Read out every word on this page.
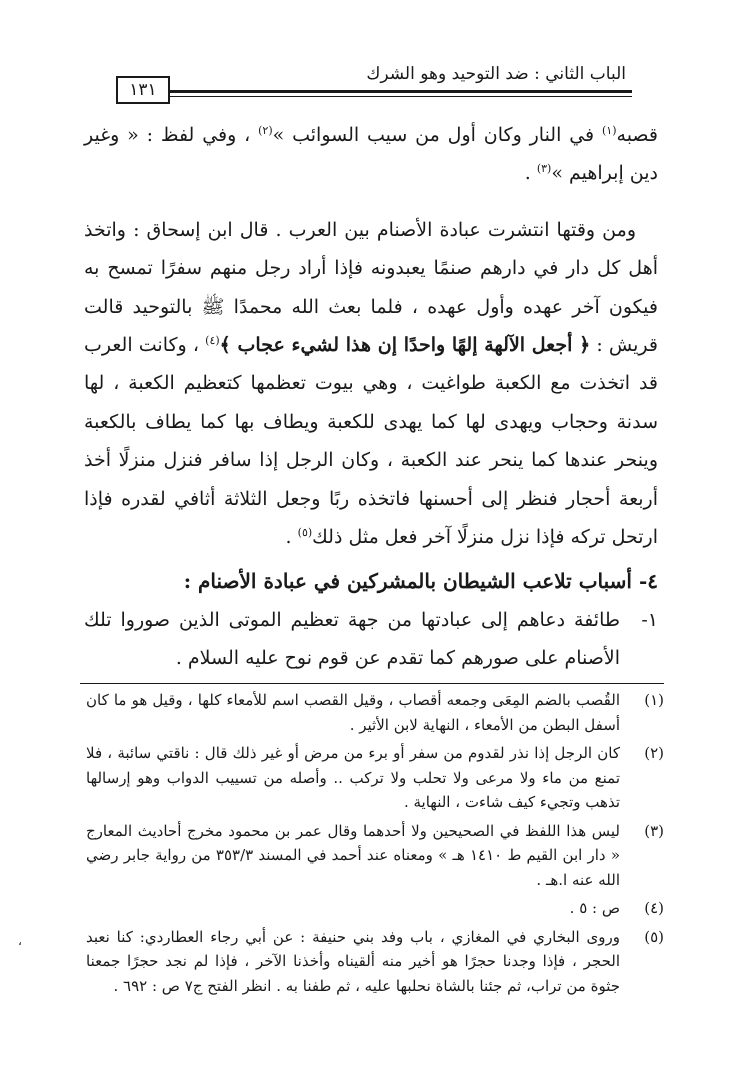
الباب الثاني : ضد التوحيد وهو الشرك
١٣١

قصبه$^{(١)}$ في النار وكان أول من سيب السوائب »$^{(٢)}$ ، وفي لفظ : « وغير دين إبراهيم »$^{(٣)}$ .

ومن وقتها انتشرت عبادة الأصنام بين العرب . قال ابن إسحاق : واتخذ أهل كل دار في دارهم صنمًا يعبدونه فإذا أراد رجل منهم سفرًا تمسح به فيكون آخر عهده وأول عهده ، فلما بعث الله محمدًا ﷺ بالتوحيد قالت قريش : ﴿ أجعل الآلهة إلهًا واحدًا إن هذا لشيء عجاب ﴾$^{(٤)}$ ، وكانت العرب قد اتخذت مع الكعبة طواغيت ، وهي بيوت تعظمها كتعظيم الكعبة ، لها سدنة وحجاب ويهدى لها كما يهدى للكعبة ويطاف بها كما يطاف بالكعبة وينحر عندها كما ينحر عند الكعبة ، وكان الرجل إذا سافر فنزل منزلًا أخذ أربعة أحجار فنظر إلى أحسنها فاتخذه ربًا وجعل الثلاثة أثافي لقدره فإذا ارتحل تركه فإذا نزل منزلًا آخر فعل مثل ذلك$^{(٥)}$ .

٤- أسباب تلاعب الشيطان بالمشركين في عبادة الأصنام :

١-
طائفة دعاهم إلى عبادتها من جهة تعظيم الموتى الذين صوروا تلك الأصنام على صورهم كما تقدم عن قوم نوح عليه السلام .

(١)
القُصب بالضم المِعَى وجمعه أقصاب ، وقيل القصب اسم للأمعاء كلها ، وقيل هو ما كان أسفل البطن من الأمعاء ، النهاية لابن الأثير .
(٢)
كان الرجل إذا نذر لقدوم من سفر أو برء من مرض أو غير ذلك قال : ناقتي سائبة ، فلا تمنع من ماء ولا مرعى ولا تحلب ولا تركب .. وأصله من تسييب الدواب وهو إرسالها تذهب وتجيء كيف شاءت ، النهاية .
(٣)
ليس هذا اللفظ في الصحيحين ولا أحدهما وقال عمر بن محمود مخرج أحاديث المعارج « دار ابن القيم ط ١٤١٠ هـ » ومعناه عند أحمد في المسند ٣٥٣/٣ من رواية جابر رضي الله عنه ا.هـ .
(٤)
ص : ٥ .
(٥)
وروى البخاري في المغازي ، باب وفد بني حنيفة : عن أبي رجاء العطاردي: كنا نعبد الحجر ، فإذا وجدنا حجرًا هو أخير منه ألقيناه وأخذنا الآخر ، فإذا لم نجد حجرًا جمعنا جثوة من تراب، ثم جئنا بالشاة نحلبها عليه ، ثم طفنا به . انظر الفتح ج٧ ص : ٦٩٢ .
،
